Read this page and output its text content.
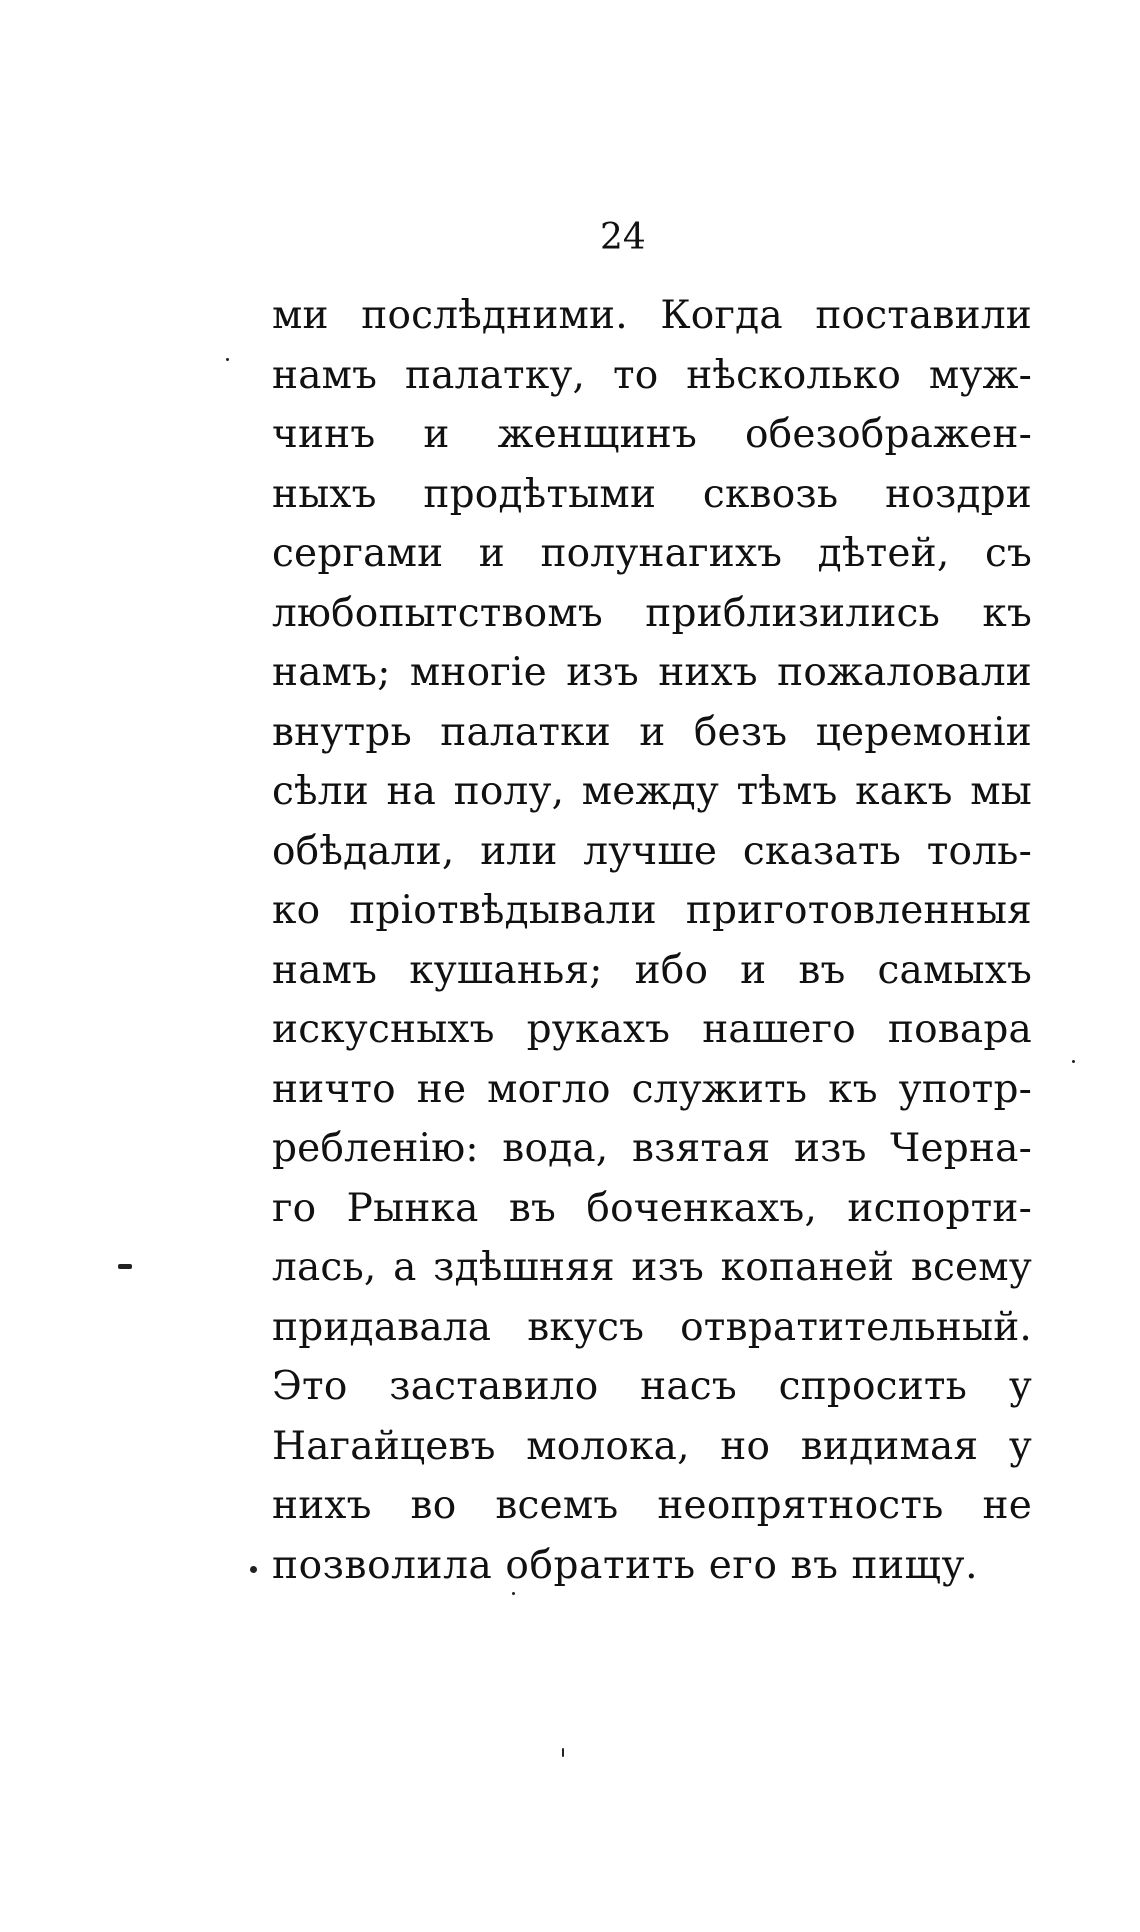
24
ми послѣдними. Когда поставили
намъ палатку, то нѣсколько муж-
чинъ и женщинъ обезображен-
ныхъ продѣтыми сквозь ноздри
сергами и полунагихъ дѣтей, съ
любопытствомъ приблизились къ
намъ; многіе изъ нихъ пожаловали
внутрь палатки и безъ церемоніи
сѣли на полу, между тѣмъ какъ мы
обѣдали, или лучше сказать толь-
ко пріотвѣдывали приготовленныя
намъ кушанья; ибо и въ самыхъ
искусныхъ рукахъ нашего повара
ничто не могло служить къ употр-
ребленію: вода, взятая изъ Черна-
го Рынка въ боченкахъ, испорти-
лась, а здѣшняя изъ копаней всему
придавала вкусъ отвратительный.
Это заставило насъ спросить у
Нагайцевъ молока, но видимая у
нихъ во всемъ неопрятность не
позволила обратить его въ пищу.
